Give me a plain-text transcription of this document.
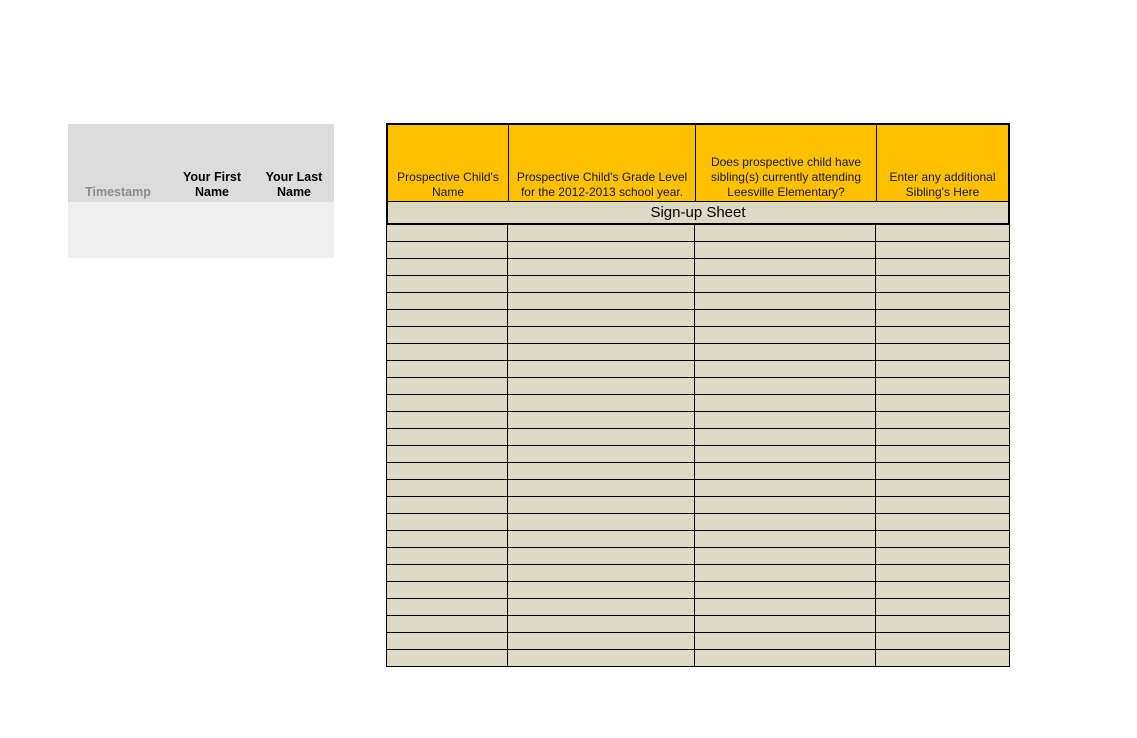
Timestamp
Your First
Name
Your Last
Name
Prospective Child's
Name
Prospective Child's Grade Level
for the 2012-2013 school year.
Does prospective child have
sibling(s) currently attending
Leesville Elementary?
Enter any additional
Sibling's Here
Sign-up Sheet
